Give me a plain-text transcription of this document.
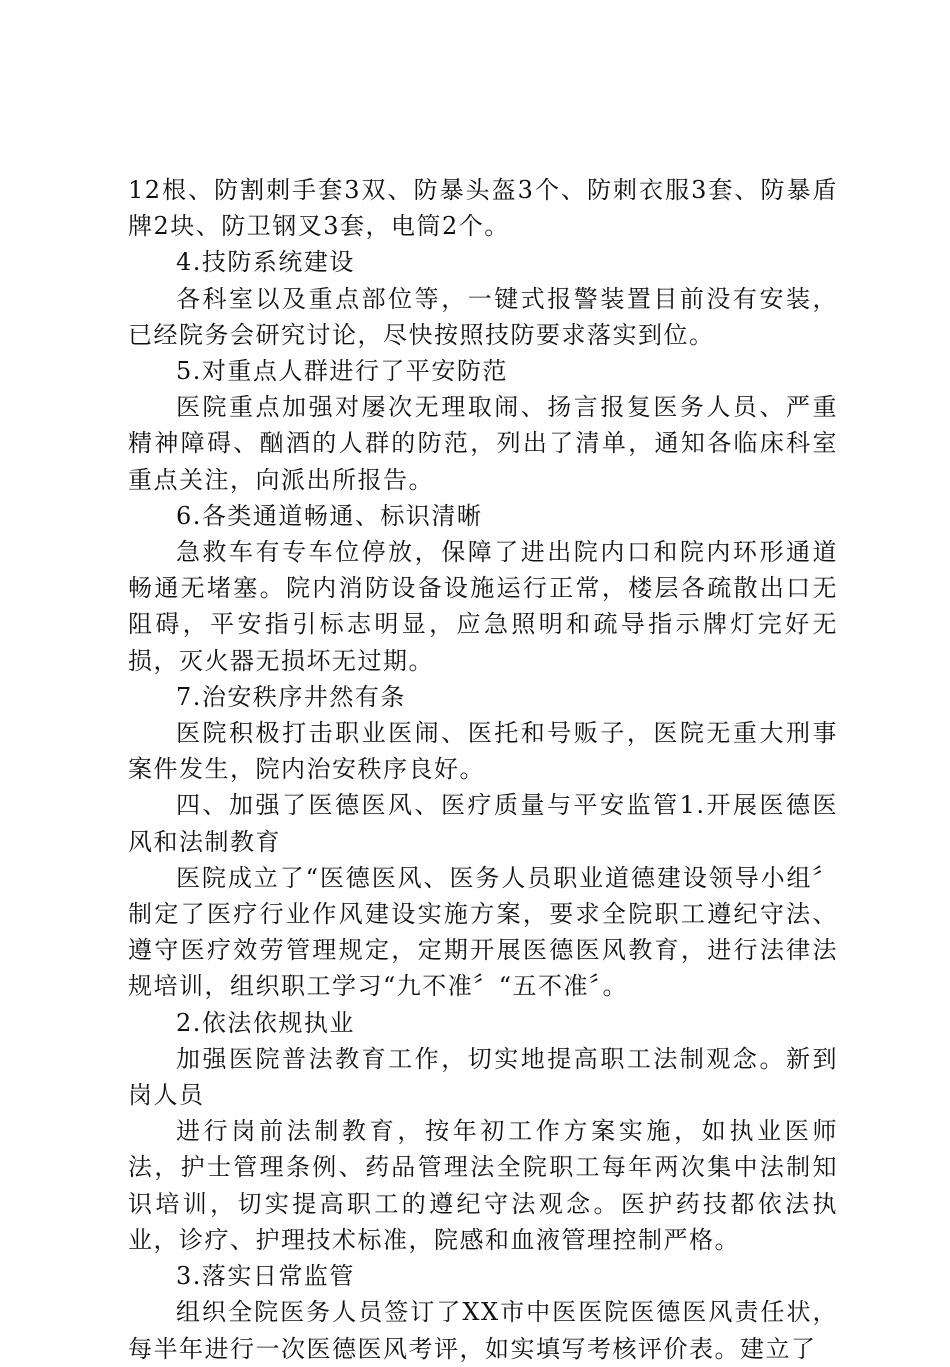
12根、防割刺手套3双、防暴头盔3个、防刺衣服3套、防暴盾牌2块、防卫钢叉3套，电筒2个。

4.技防系统建设

各科室以及重点部位等，一键式报警装置目前没有安装，已经院务会研究讨论，尽快按照技防要求落实到位。

5.对重点人群进行了平安防范

医院重点加强对屡次无理取闹、扬言报复医务人员、严重精神障碍、酗酒的人群的防范，列出了清单，通知各临床科室重点关注，向派出所报告。

6.各类通道畅通、标识清晰

急救车有专车位停放，保障了进出院内口和院内环形通道畅通无堵塞。院内消防设备设施运行正常，楼层各疏散出口无阻碍，平安指引标志明显，应急照明和疏导指示牌灯完好无损，灭火器无损坏无过期。

7.治安秩序井然有条

医院积极打击职业医闹、医托和号贩子，医院无重大刑事案件发生，院内治安秩序良好。

四、加强了医德医风、医疗质量与平安监管1.开展医德医风和法制教育

医院成立了“医德医风、医务人员职业道德建设领导小组〞制定了医疗行业作风建设实施方案，要求全院职工遵纪守法、遵守医疗效劳管理规定，定期开展医德医风教育，进行法律法规培训，组织职工学习“九不准〞“五不准〞。

2.依法依规执业

加强医院普法教育工作，切实地提高职工法制观念。新到岗人员

进行岗前法制教育，按年初工作方案实施，如执业医师法，护士管理条例、药品管理法全院职工每年两次集中法制知识培训，切实提高职工的遵纪守法观念。医护药技都依法执业，诊疗、护理技术标准，院感和血液管理控制严格。

3.落实日常监管

组织全院医务人员签订了XX市中医医院医德医风责任状，每半年进行一次医德医风考评，如实填写考核评价表。建立了
